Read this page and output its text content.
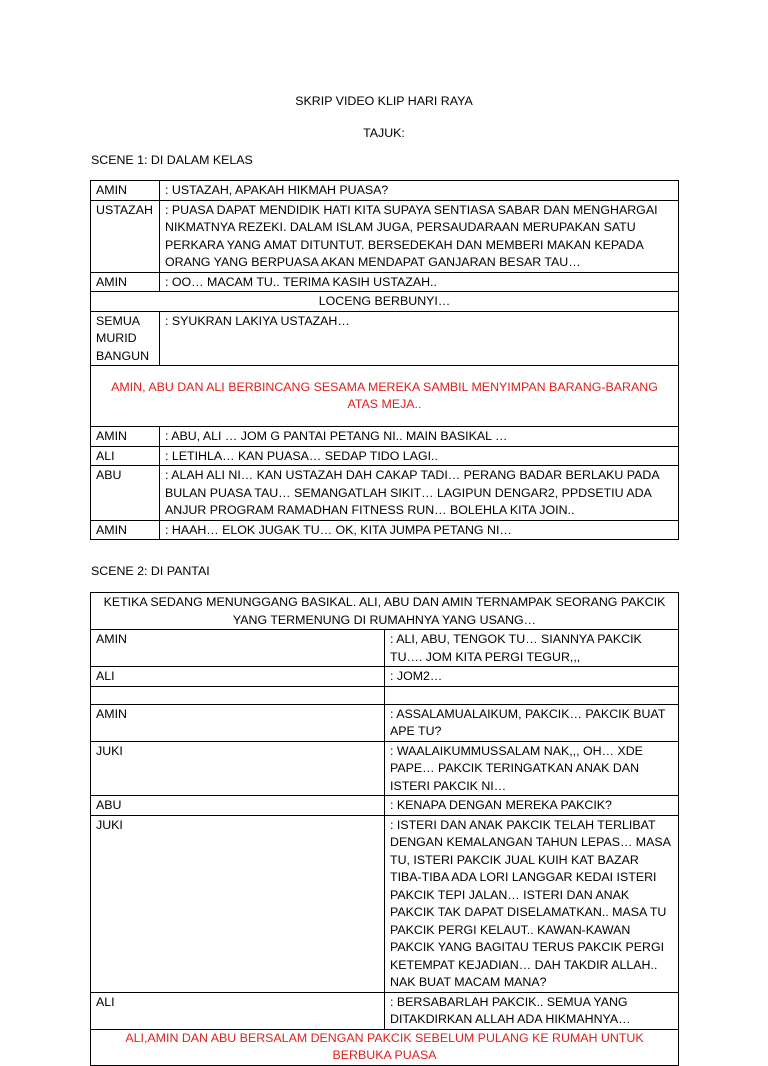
SKRIP VIDEO KLIP HARI RAYA
TAJUK:
SCENE 1: DI DALAM KELAS
AMIN	: USTAZAH, APAKAH HIKMAH PUASA?
USTAZAH	: PUASA DAPAT MENDIDIK HATI KITA SUPAYA SENTIASA SABAR DAN MENGHARGAI NIKMATNYA REZEKI. DALAM ISLAM JUGA, PERSAUDARAAN MERUPAKAN SATU PERKARA YANG AMAT DITUNTUT. BERSEDEKAH DAN MEMBERI MAKAN KEPADA ORANG YANG BERPUASA AKAN MENDAPAT GANJARAN BESAR TAU…
AMIN	: OO… MACAM TU.. TERIMA KASIH USTAZAH..
LOCENG BERBUNYI…	
SEMUA MURID BANGUN	: SYUKRAN LAKIYA USTAZAH…
AMIN, ABU DAN ALI BERBINCANG SESAMA MEREKA SAMBIL MENYIMPAN BARANG-BARANG ATAS MEJA..	
AMIN	: ABU, ALI … JOM G PANTAI PETANG NI.. MAIN BASIKAL …
ALI	: LETIHLA… KAN PUASA… SEDAP TIDO LAGI..
ABU	: ALAH ALI NI… KAN USTAZAH DAH CAKAP TADI… PERANG BADAR BERLAKU PADA BULAN PUASA TAU… SEMANGATLAH SIKIT… LAGIPUN DENGAR2, PPDSETIU ADA ANJUR PROGRAM RAMADHAN FITNESS RUN… BOLEHLA KITA JOIN..
AMIN	: HAAH… ELOK JUGAK TU… OK, KITA JUMPA PETANG NI…
SCENE 2: DI PANTAI
KETIKA SEDANG MENUNGGANG BASIKAL. ALI, ABU DAN AMIN TERNAMPAK SEORANG PAKCIK YANG TERMENUNG DI RUMAHNYA YANG USANG…	
AMIN	: ALI, ABU, TENGOK TU… SIANNYA PAKCIK TU…. JOM KITA PERGI TEGUR,,,
ALI	: JOM2…

AMIN	: ASSALAMUALAIKUM, PAKCIK… PAKCIK BUAT APE TU?
JUKI	: WAALAIKUMMUSSALAM NAK,,, OH… XDE PAPE… PAKCIK TERINGATKAN ANAK DAN ISTERI PAKCIK NI…
ABU	: KENAPA DENGAN MEREKA PAKCIK?
JUKI	: ISTERI DAN ANAK PAKCIK TELAH TERLIBAT DENGAN KEMALANGAN TAHUN LEPAS… MASA TU, ISTERI PAKCIK JUAL KUIH KAT BAZAR TIBA-TIBA ADA LORI LANGGAR KEDAI ISTERI PAKCIK TEPI JALAN… ISTERI DAN ANAK PAKCIK TAK DAPAT DISELAMATKAN.. MASA TU PAKCIK PERGI KELAUT.. KAWAN-KAWAN PAKCIK YANG BAGITAU TERUS PAKCIK PERGI KETEMPAT KEJADIAN… DAH TAKDIR ALLAH.. NAK BUAT MACAM MANA?
ALI	: BERSABARLAH PAKCIK.. SEMUA YANG DITAKDIRKAN ALLAH ADA HIKMAHNYA…
ALI,AMIN DAN ABU BERSALAM DENGAN PAKCIK SEBELUM PULANG KE RUMAH UNTUK BERBUKA PUASA	
